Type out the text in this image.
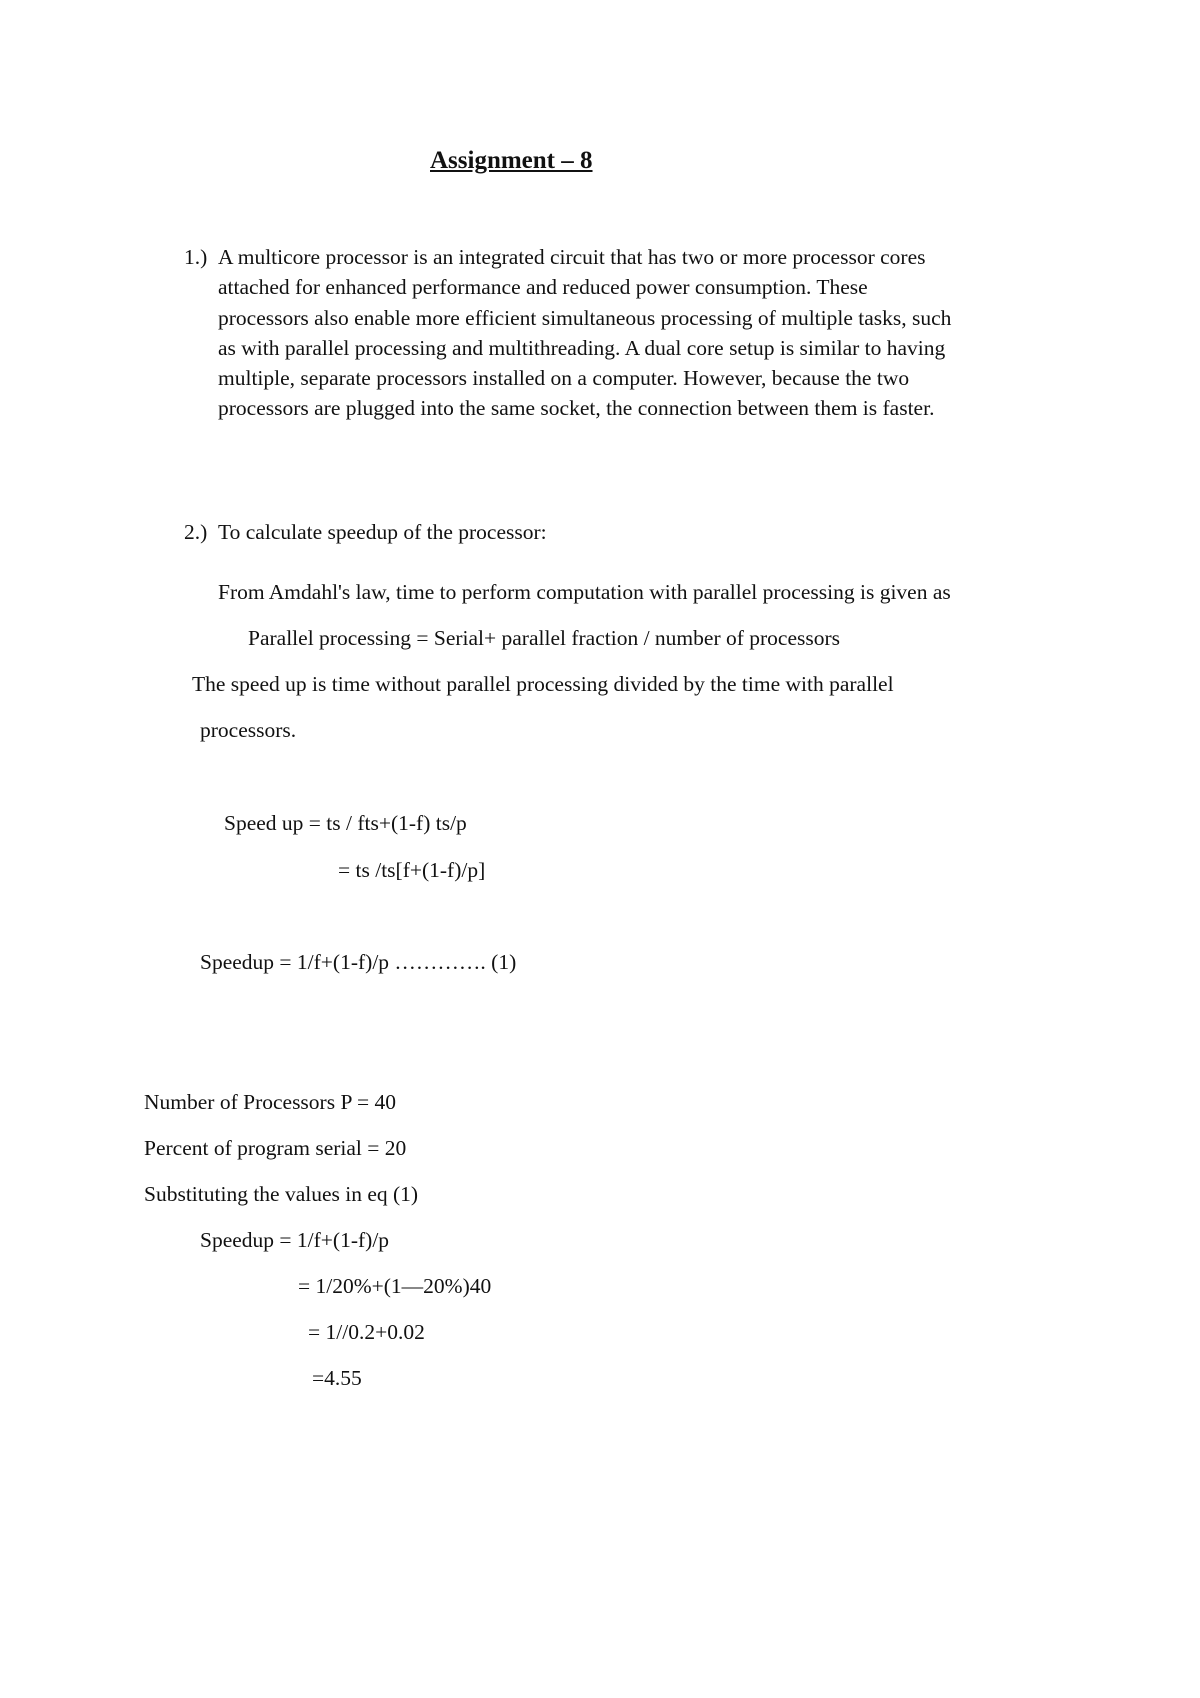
Assignment – 8
1.) A multicore processor is an integrated circuit that has two or more processor cores
attached for enhanced performance and reduced power consumption. These
processors also enable more efficient simultaneous processing of multiple tasks, such
as with parallel processing and multithreading. A dual core setup is similar to having
multiple, separate processors installed on a computer. However, because the two
processors are plugged into the same socket, the connection between them is faster.
2.) To calculate speedup of the processor:
From Amdahl's law, time to perform computation with parallel processing is given as
Parallel processing = Serial+ parallel fraction / number of processors
The speed up is time without parallel processing divided by the time with parallel
processors.
Speed up = ts / fts+(1-f) ts/p
= ts /ts[f+(1-f)/p]
Speedup = 1/f+(1-f)/p …………. (1)
Number of Processors P = 40
Percent of program serial = 20
Substituting the values in eq (1)
Speedup = 1/f+(1-f)/p
= 1/20%+(1—20%)40
= 1//0.2+0.02
=4.55
